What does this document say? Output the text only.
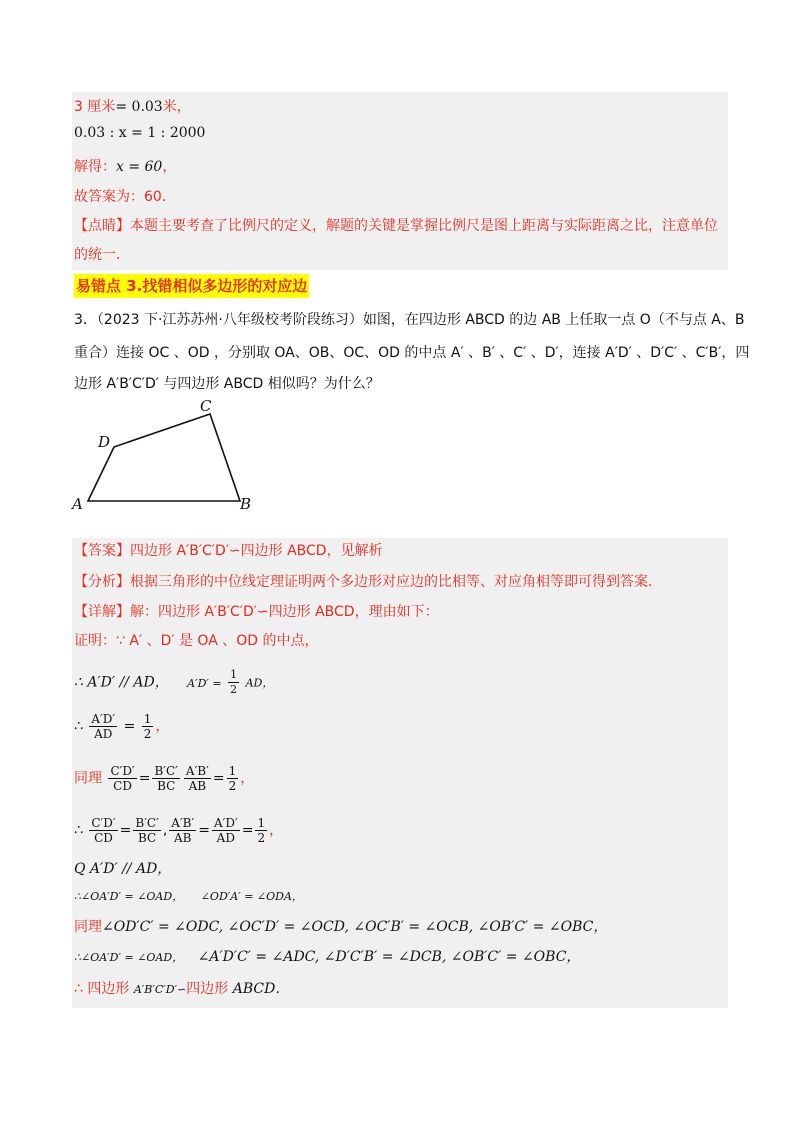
3 厘米= 0.03米，
0.03 : x = 1 : 2000
解得：x = 60，
故答案为：60．
【点睛】本题主要考查了比例尺的定义，解题的关键是掌握比例尺是图上距离与实际距离之比，注意单位
的统一．
易错点 3.找错相似多边形的对应边
3．（2023 下·江苏苏州·八年级校考阶段练习）如图，在四边形 ABCD 的边 AB 上任取一点 O（不与点 A、B
重合）连接 OC 、OD ，分别取 OA、OB、OC、OD 的中点 A′ 、B′ 、C′ 、D′，连接 A′D′ 、D′C′ 、C′B′，四
边形 A′B′C′D′ 与四边形 ABCD 相似吗？为什么？
A	B
C
D
【答案】四边形 A′B′C′D′∽四边形 ABCD，见解析
【分析】根据三角形的中位线定理证明两个多边形对应边的比相等、对应角相等即可得到答案．
【详解】解：四边形 A′B′C′D′∽四边形 ABCD，理由如下：
证明：∵ A′ 、D′ 是 OA 、OD 的中点，
∴ A′D′ // AD， $A'D' = \frac{1}{2}$ AD，
∴ $\frac{A'D'}{AD} = \frac{1}{2}$ ，
同理 $\frac{C'D'}{CD} = \frac{B'C'}{BC} \frac{A'B'}{AB} = \frac{1}{2}$ ，
∴ $\frac{C'D'}{CD} = \frac{B'C'}{BC}$ , $\frac{A'B'}{AB} = \frac{A'D'}{AD} = \frac{1}{2}$ ，
Q A′D′ // AD，
∴∠OA′D′ = ∠OAD， ∠OD′A′ = ∠ODA，
同理∠OD′C′ = ∠ODC, ∠OC′D′ = ∠OCD, ∠OC′B′ = ∠OCB, ∠OB′C′ = ∠OBC，
∴∠OA′D′ = ∠OAD， ∠A′D′C′ = ∠ADC, ∠D′C′B′ = ∠DCB, ∠OB′C′ = ∠OBC，
∴ 四边形 A′B′C′D′∽四边形 ABCD．
